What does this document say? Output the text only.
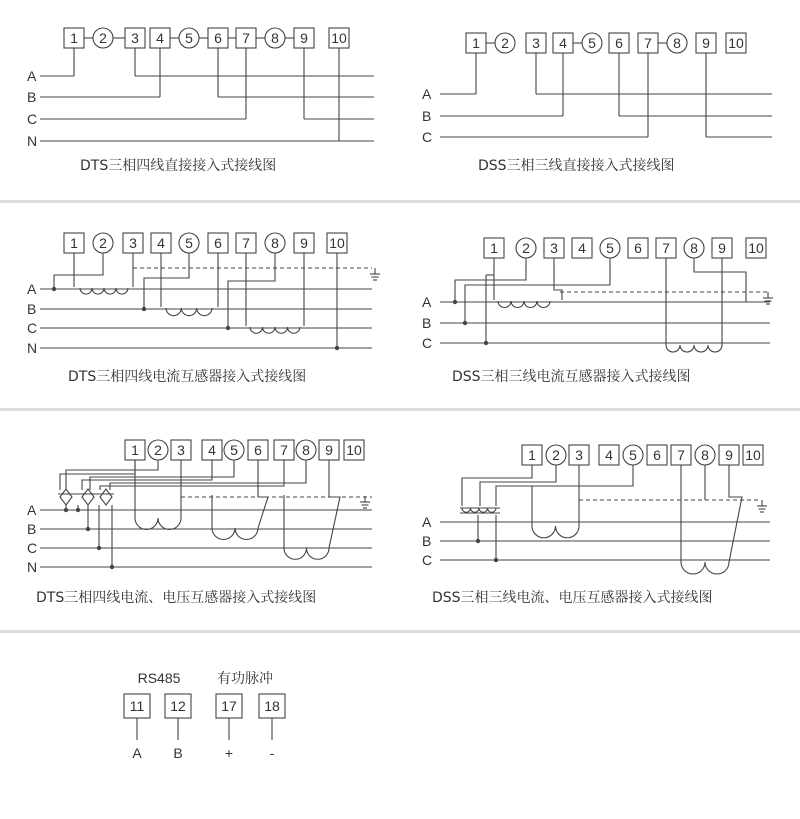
DTS三相四线直接接入式接线图	DSS三相三线直接接入式接线图
DTS三相四线电流互感器接入式接线图	DSS三相三线电流互感器接入式接线图
DTS三相四线电流、电压互感器接入式接线图	DSS三相三线电流、电压互感器接入式接线图
1 2 3 4 5 6 7 8 9 10
A
B
C
N
1 2 3 4 5 6 7 8 9 10
A
B
C
1 2 3 4 5 6 7 8 9 10
A
B
C
N
1 2 3 4 5 6 7 8 9 10
A
B
C
1 2 3 4 5 6 7 8 9 10
A
B
C
N
1 2 3 4 5 6 7 8 9 10
A
B
C
RS485	有功脉冲
11
A
12
B
17
+
18
-
